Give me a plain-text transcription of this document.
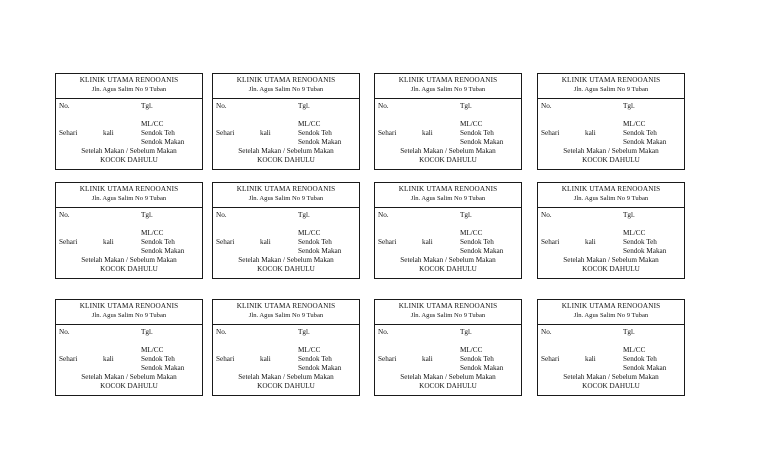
KLINIK UTAMA RENOOANIS
Jln. Agus Salim No 9 Tuban
No.	Tgl.
ML/CC
Sehari	kali	Sendok Teh
Sendok Makan
Setelah Makan / Sebelum Makan
KOCOK DAHULU
KLINIK UTAMA RENOOANIS
Jln. Agus Salim No 9 Tuban
No.	Tgl.
ML/CC
Sehari	kali	Sendok Teh
Sendok Makan
Setelah Makan / Sebelum Makan
KOCOK DAHULU
KLINIK UTAMA RENOOANIS
Jln. Agus Salim No 9 Tuban
No.	Tgl.
ML/CC
Sehari	kali	Sendok Teh
Sendok Makan
Setelah Makan / Sebelum Makan
KOCOK DAHULU
KLINIK UTAMA RENOOANIS
Jln. Agus Salim No 9 Tuban
No.	Tgl.
ML/CC
Sehari	kali	Sendok Teh
Sendok Makan
Setelah Makan / Sebelum Makan
KOCOK DAHULU
KLINIK UTAMA RENOOANIS
Jln. Agus Salim No 9 Tuban
No.	Tgl.
ML/CC
Sehari	kali	Sendok Teh
Sendok Makan
Setelah Makan / Sebelum Makan
KOCOK DAHULU
KLINIK UTAMA RENOOANIS
Jln. Agus Salim No 9 Tuban
No.	Tgl.
ML/CC
Sehari	kali	Sendok Teh
Sendok Makan
Setelah Makan / Sebelum Makan
KOCOK DAHULU
KLINIK UTAMA RENOOANIS
Jln. Agus Salim No 9 Tuban
No.	Tgl.
ML/CC
Sehari	kali	Sendok Teh
Sendok Makan
Setelah Makan / Sebelum Makan
KOCOK DAHULU
KLINIK UTAMA RENOOANIS
Jln. Agus Salim No 9 Tuban
No.	Tgl.
ML/CC
Sehari	kali	Sendok Teh
Sendok Makan
Setelah Makan / Sebelum Makan
KOCOK DAHULU
KLINIK UTAMA RENOOANIS
Jln. Agus Salim No 9 Tuban
No.	Tgl.
ML/CC
Sehari	kali	Sendok Teh
Sendok Makan
Setelah Makan / Sebelum Makan
KOCOK DAHULU
KLINIK UTAMA RENOOANIS
Jln. Agus Salim No 9 Tuban
No.	Tgl.
ML/CC
Sehari	kali	Sendok Teh
Sendok Makan
Setelah Makan / Sebelum Makan
KOCOK DAHULU
KLINIK UTAMA RENOOANIS
Jln. Agus Salim No 9 Tuban
No.	Tgl.
ML/CC
Sehari	kali	Sendok Teh
Sendok Makan
Setelah Makan / Sebelum Makan
KOCOK DAHULU
KLINIK UTAMA RENOOANIS
Jln. Agus Salim No 9 Tuban
No.	Tgl.
ML/CC
Sehari	kali	Sendok Teh
Sendok Makan
Setelah Makan / Sebelum Makan
KOCOK DAHULU
